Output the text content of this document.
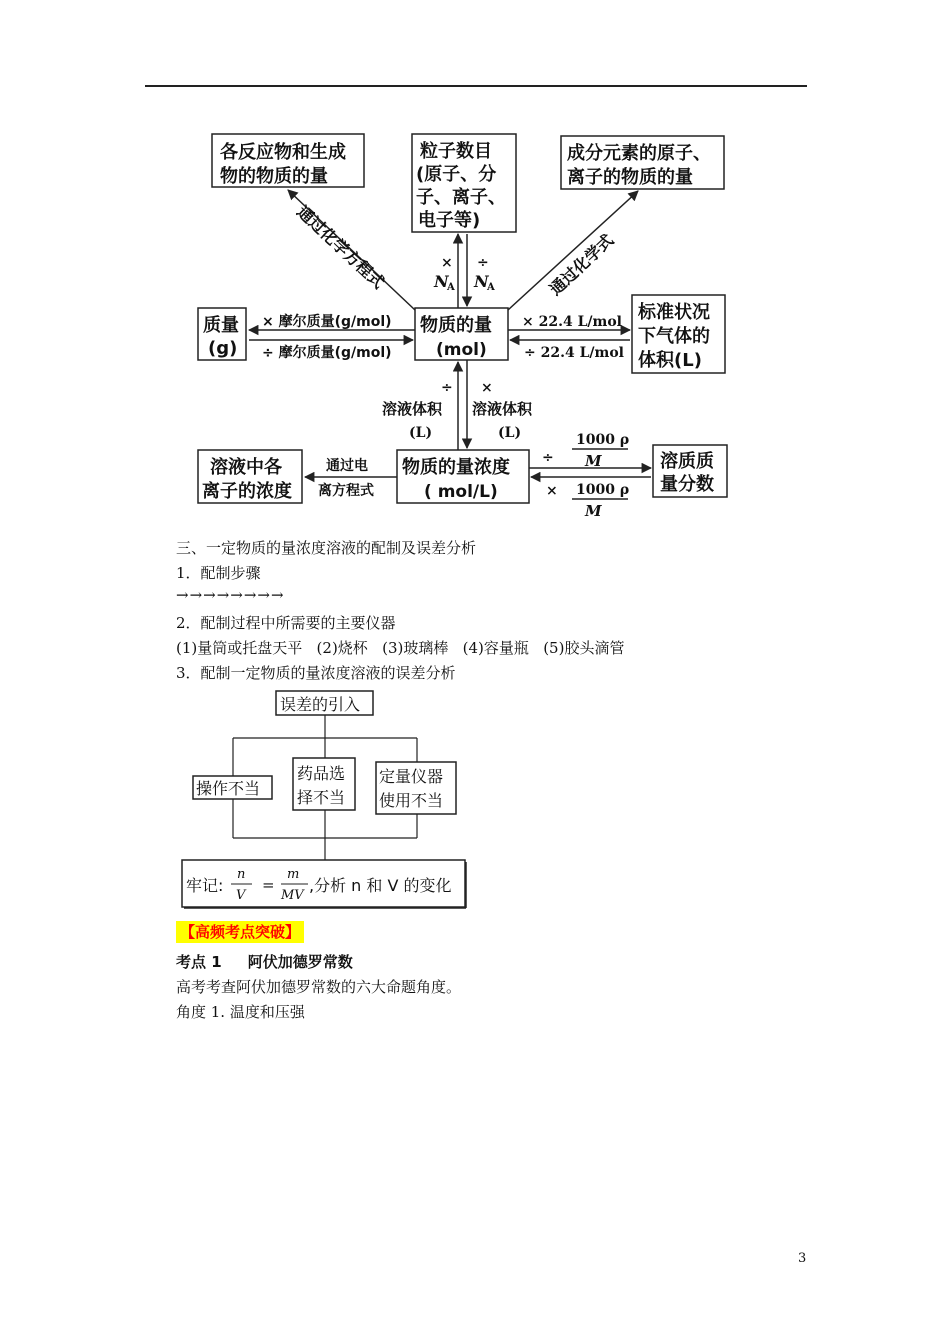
各反应物和生成
物的物质的量
粒子数目
(原子、分
子、离子、
电子等)
成分元素的原子、
离子的物质的量
质量
(g)
物质的量
(mol)
标准状况
下气体的
体积(L)
溶液中各
离子的浓度
物质的量浓度
( mol/L)
溶质质
量分数
通过化学方程式	通过化学式
×
N
A
÷
N
A
× 摩尔质量(g/mol)
÷ 摩尔质量(g/mol)
× 22.4 L/mol
÷ 22.4 L/mol
÷
溶液体积
(L)
×
溶液体积
(L)
通过电
离方程式
÷
1000 ρ
M
× 1000 ρ
M
误差的引入
操作不当
药品选
择不当
定量仪器
使用不当
牢记:
n
V
=
m
MV
,分析 n 和 V 的变化
三、一定物质的量浓度溶液的配制及误差分析
1．配制步骤
→→→→→→→→
2．配制过程中所需要的主要仪器
(1)量筒或托盘天平   (2)烧杯   (3)玻璃棒   (4)容量瓶   (5)胶头滴管
3．配制一定物质的量浓度溶液的误差分析
【高频考点突破】
考点 1     阿伏加德罗常数
高考考查阿伏加德罗常数的六大命题角度。
角度 1. 温度和压强
3
